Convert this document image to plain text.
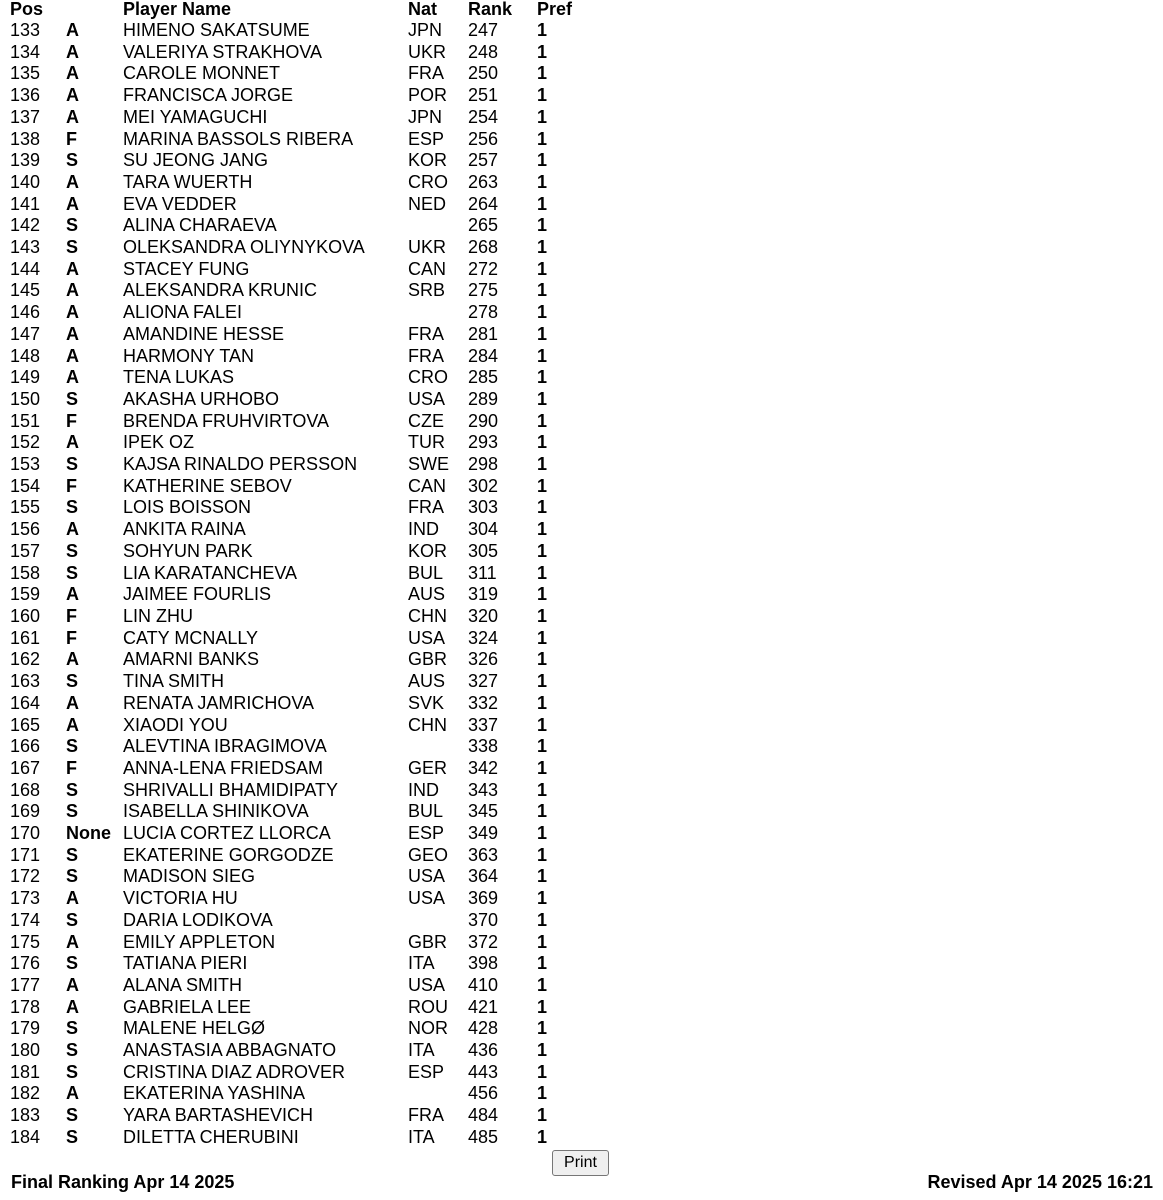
Pos		Player Name	Nat	Rank	Pref
133	A	HIMENO SAKATSUME	JPN	247	1
134	A	VALERIYA STRAKHOVA	UKR	248	1
135	A	CAROLE MONNET	FRA	250	1
136	A	FRANCISCA JORGE	POR	251	1
137	A	MEI YAMAGUCHI	JPN	254	1
138	F	MARINA BASSOLS RIBERA	ESP	256	1
139	S	SU JEONG JANG	KOR	257	1
140	A	TARA WUERTH	CRO	263	1
141	A	EVA VEDDER	NED	264	1
142	S	ALINA CHARAEVA		265	1
143	S	OLEKSANDRA OLIYNYKOVA	UKR	268	1
144	A	STACEY FUNG	CAN	272	1
145	A	ALEKSANDRA KRUNIC	SRB	275	1
146	A	ALIONA FALEI		278	1
147	A	AMANDINE HESSE	FRA	281	1
148	A	HARMONY TAN	FRA	284	1
149	A	TENA LUKAS	CRO	285	1
150	S	AKASHA URHOBO	USA	289	1
151	F	BRENDA FRUHVIRTOVA	CZE	290	1
152	A	IPEK OZ	TUR	293	1
153	S	KAJSA RINALDO PERSSON	SWE	298	1
154	F	KATHERINE SEBOV	CAN	302	1
155	S	LOIS BOISSON	FRA	303	1
156	A	ANKITA RAINA	IND	304	1
157	S	SOHYUN PARK	KOR	305	1
158	S	LIA KARATANCHEVA	BUL	311	1
159	A	JAIMEE FOURLIS	AUS	319	1
160	F	LIN ZHU	CHN	320	1
161	F	CATY MCNALLY	USA	324	1
162	A	AMARNI BANKS	GBR	326	1
163	S	TINA SMITH	AUS	327	1
164	A	RENATA JAMRICHOVA	SVK	332	1
165	A	XIAODI YOU	CHN	337	1
166	S	ALEVTINA IBRAGIMOVA		338	1
167	F	ANNA-LENA FRIEDSAM	GER	342	1
168	S	SHRIVALLI BHAMIDIPATY	IND	343	1
169	S	ISABELLA SHINIKOVA	BUL	345	1
170	None	LUCIA CORTEZ LLORCA	ESP	349	1
171	S	EKATERINE GORGODZE	GEO	363	1
172	S	MADISON SIEG	USA	364	1
173	A	VICTORIA HU	USA	369	1
174	S	DARIA LODIKOVA		370	1
175	A	EMILY APPLETON	GBR	372	1
176	S	TATIANA PIERI	ITA	398	1
177	A	ALANA SMITH	USA	410	1
178	A	GABRIELA LEE	ROU	421	1
179	S	MALENE HELGØ	NOR	428	1
180	S	ANASTASIA ABBAGNATO	ITA	436	1
181	S	CRISTINA DIAZ ADROVER	ESP	443	1
182	A	EKATERINA YASHINA		456	1
183	S	YARA BARTASHEVICH	FRA	484	1
184	S	DILETTA CHERUBINI	ITA	485	1
Print
Final Ranking Apr 14 2025	Revised Apr 14 2025 16:21
